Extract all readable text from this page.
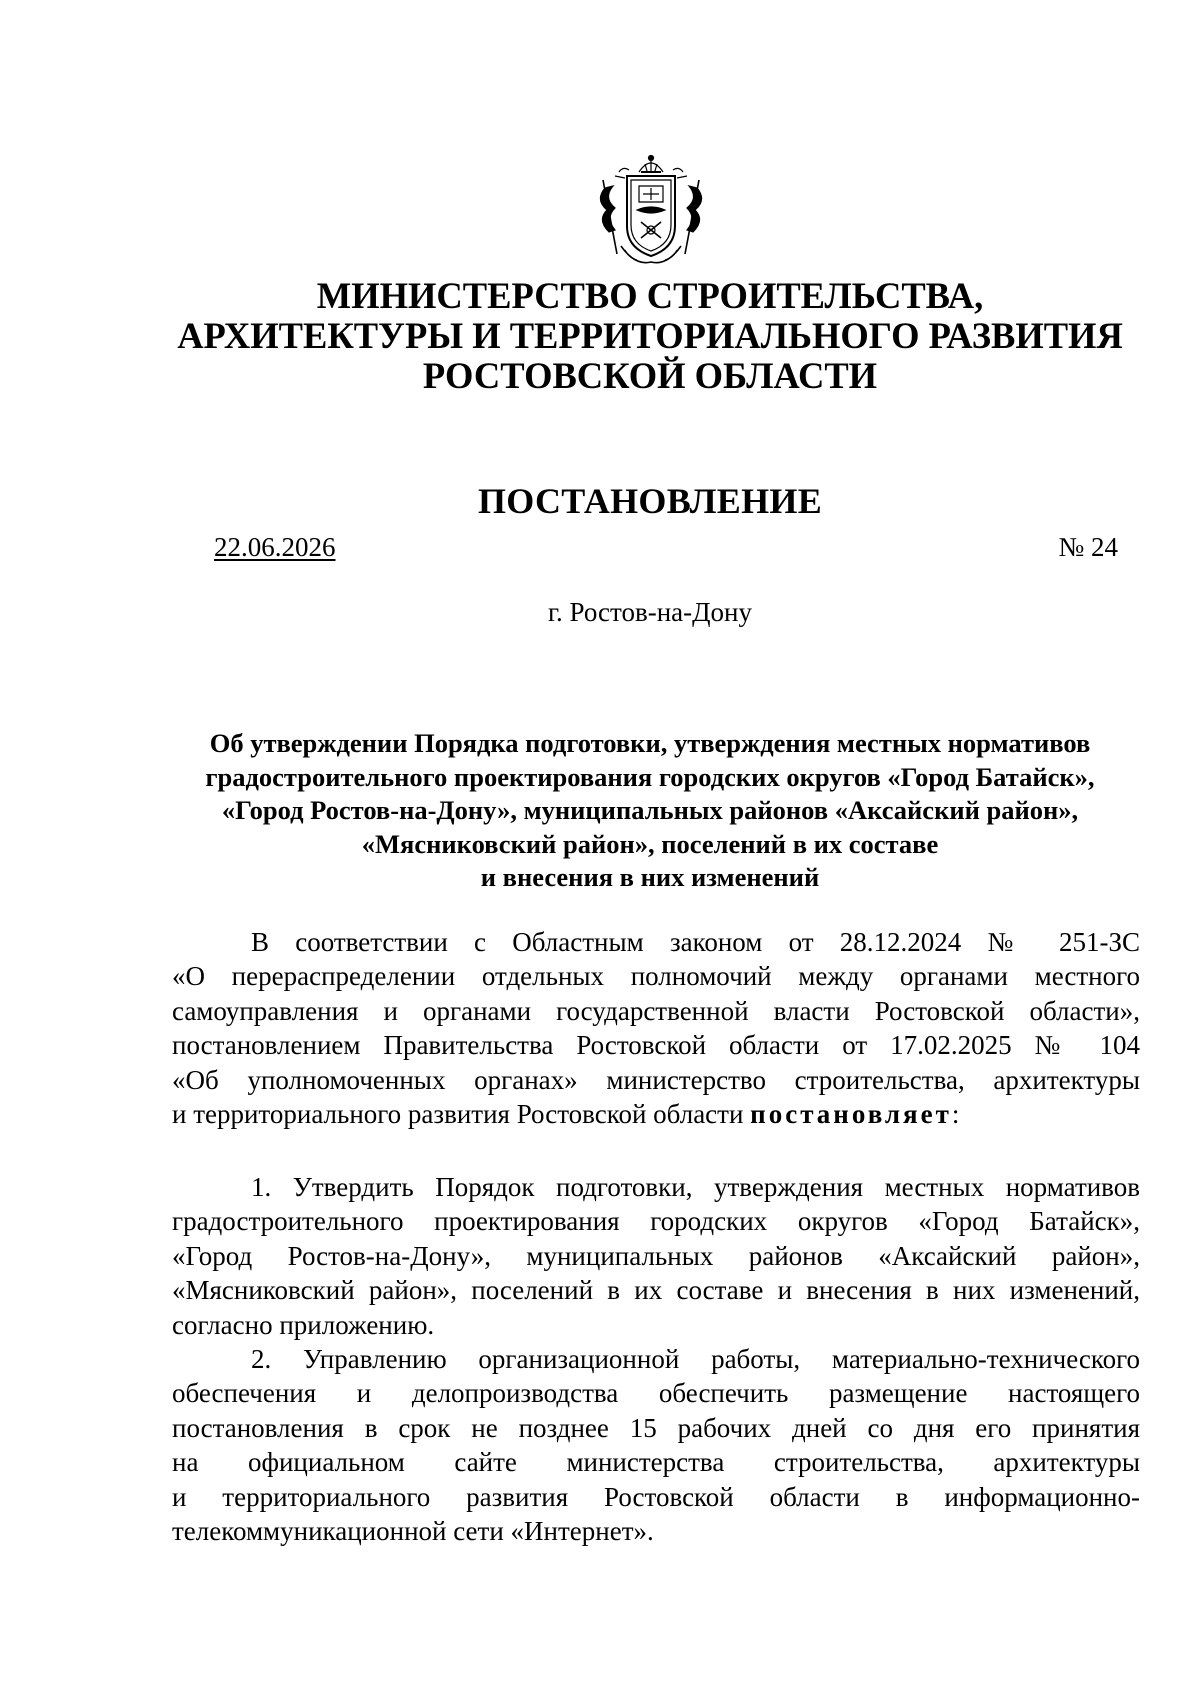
МИНИСТЕРСТВО СТРОИТЕЛЬСТВА,
АРХИТЕКТУРЫ И ТЕРРИТОРИАЛЬНОГО РАЗВИТИЯ
РОСТОВСКОЙ ОБЛАСТИ
ПОСТАНОВЛЕНИЕ
22.06.2026	№ 24
г. Ростов-на-Дону
Об утверждении Порядка подготовки, утверждения местных нормативов
градостроительного проектирования городских округов «Город Батайск»,
«Город Ростов-на-Дону», муниципальных районов «Аксайский район»,
«Мясниковский район», поселений в их составе
и внесения в них изменений
В соответствии с Областным законом от 28.12.2024 № 251-ЗС
«О перераспределении отдельных полномочий между органами местного
самоуправления и органами государственной власти Ростовской области»,
постановлением Правительства Ростовской области от 17.02.2025 № 104
«Об уполномоченных органах» министерство строительства, архитектуры
и территориального развития Ростовской области постановляет:
1. Утвердить Порядок подготовки, утверждения местных нормативов
градостроительного проектирования городских округов «Город Батайск»,
«Город Ростов-на-Дону», муниципальных районов «Аксайский район»,
«Мясниковский район», поселений в их составе и внесения в них изменений,
согласно приложению.
2. Управлению организационной работы, материально-технического
обеспечения и делопроизводства обеспечить размещение настоящего
постановления в срок не позднее 15 рабочих дней со дня его принятия
на официальном сайте министерства строительства, архитектуры
и территориального развития Ростовской области в информационно-
телекоммуникационной сети «Интернет».
